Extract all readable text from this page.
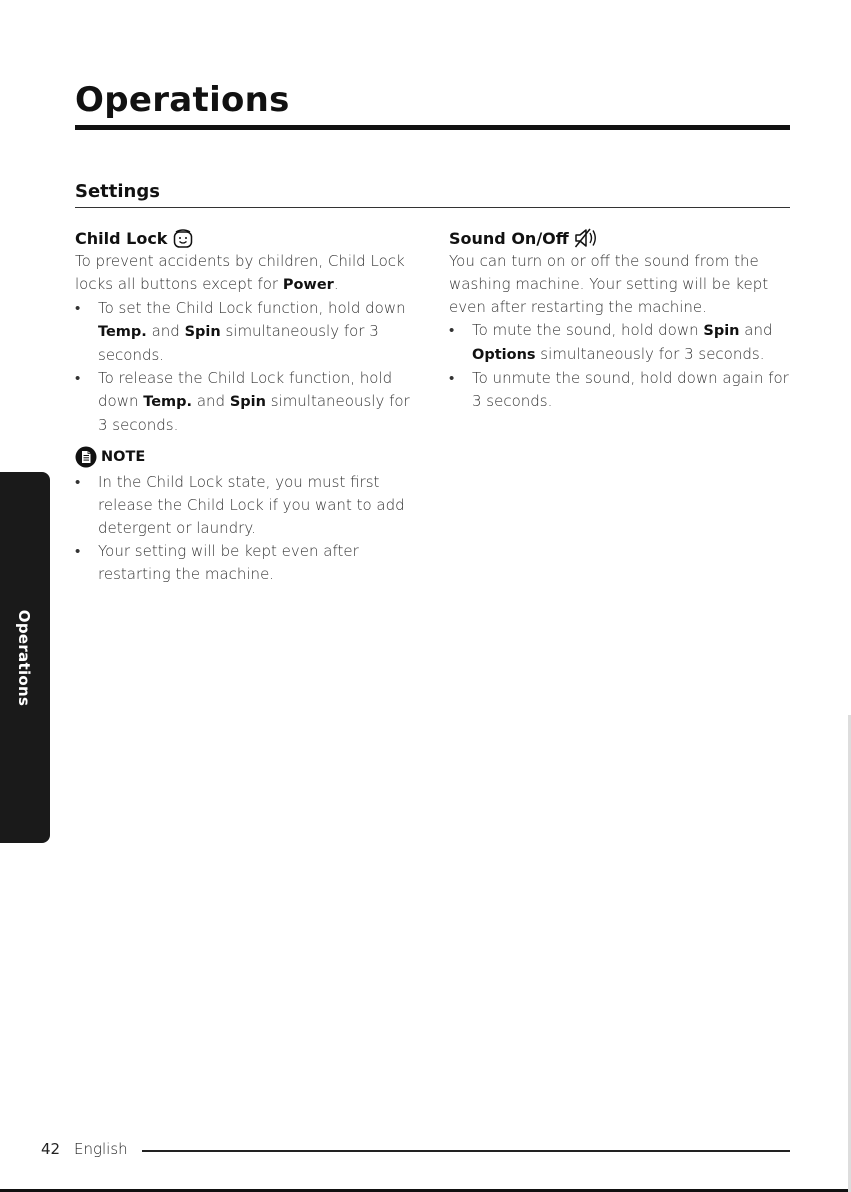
Operations
Settings
Child Lock

To prevent accidents by children, Child Lock locks all buttons except for Power.

• To set the Child Lock function, hold down Temp. and Spin simultaneously for 3 seconds.
• To release the Child Lock function, hold down Temp. and Spin simultaneously for 3 seconds.
NOTE
• In the Child Lock state, you must first release the Child Lock if you want to add detergent or laundry.
• Your setting will be kept even after restarting the machine.
Sound On/Off

You can turn on or off the sound from the washing machine. Your setting will be kept even after restarting the machine.

• To mute the sound, hold down Spin and Options simultaneously for 3 seconds.
• To unmute the sound, hold down again for 3 seconds.
Operations
42 English
